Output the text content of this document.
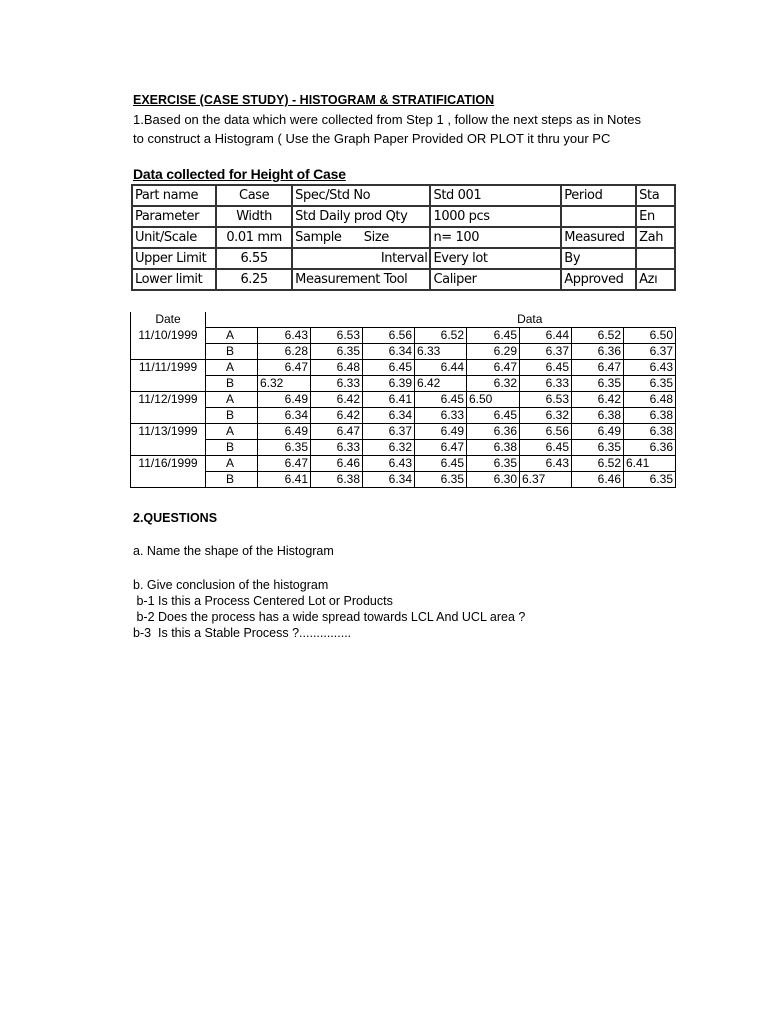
EXERCISE (CASE STUDY) - HISTOGRAM & STRATIFICATION
1.Based on the data which were collected from Step 1 , follow the next steps as in Notes
to construct a Histogram ( Use the Graph Paper Provided OR PLOT it thru your PC
Data collected for Height of Case
Part name	Case	Spec/Std No		Std 001	Period	Sta
Parameter	Width	Std Daily prod Qty		1000 pcs		En
Unit/Scale	0.01 mm	Sample	Size	n= 100	Measured	Zah
Upper Limit	6.55		Interval	Every lot	By	
Lower limit	6.25	Measurement Tool		Caliper	Approved	Azı
Date	Data								
11/10/1999	A	6.43	6.53	6.56	6.52	6.45	6.44	6.52	6.50
	B	6.28	6.35	6.34	6.33	6.29	6.37	6.36	6.37
11/11/1999	A	6.47	6.48	6.45	6.44	6.47	6.45	6.47	6.43
	B	6.32	6.33	6.39	6.42	6.32	6.33	6.35	6.35
11/12/1999	A	6.49	6.42	6.41	6.45	6.50	6.53	6.42	6.48
	B	6.34	6.42	6.34	6.33	6.45	6.32	6.38	6.38
11/13/1999	A	6.49	6.47	6.37	6.49	6.36	6.56	6.49	6.38
	B	6.35	6.33	6.32	6.47	6.38	6.45	6.35	6.36
11/16/1999	A	6.47	6.46	6.43	6.45	6.35	6.43	6.52	6.41
	B	6.41	6.38	6.34	6.35	6.30	6.37	6.46	6.35
2.QUESTIONS
a. Name the shape of the Histogram
b. Give conclusion of the histogram
b-1 Is this a Process Centered Lot or Products
b-2 Does the process has a wide spread towards LCL And UCL area ?
b-3  Is this a Stable Process ?...............
